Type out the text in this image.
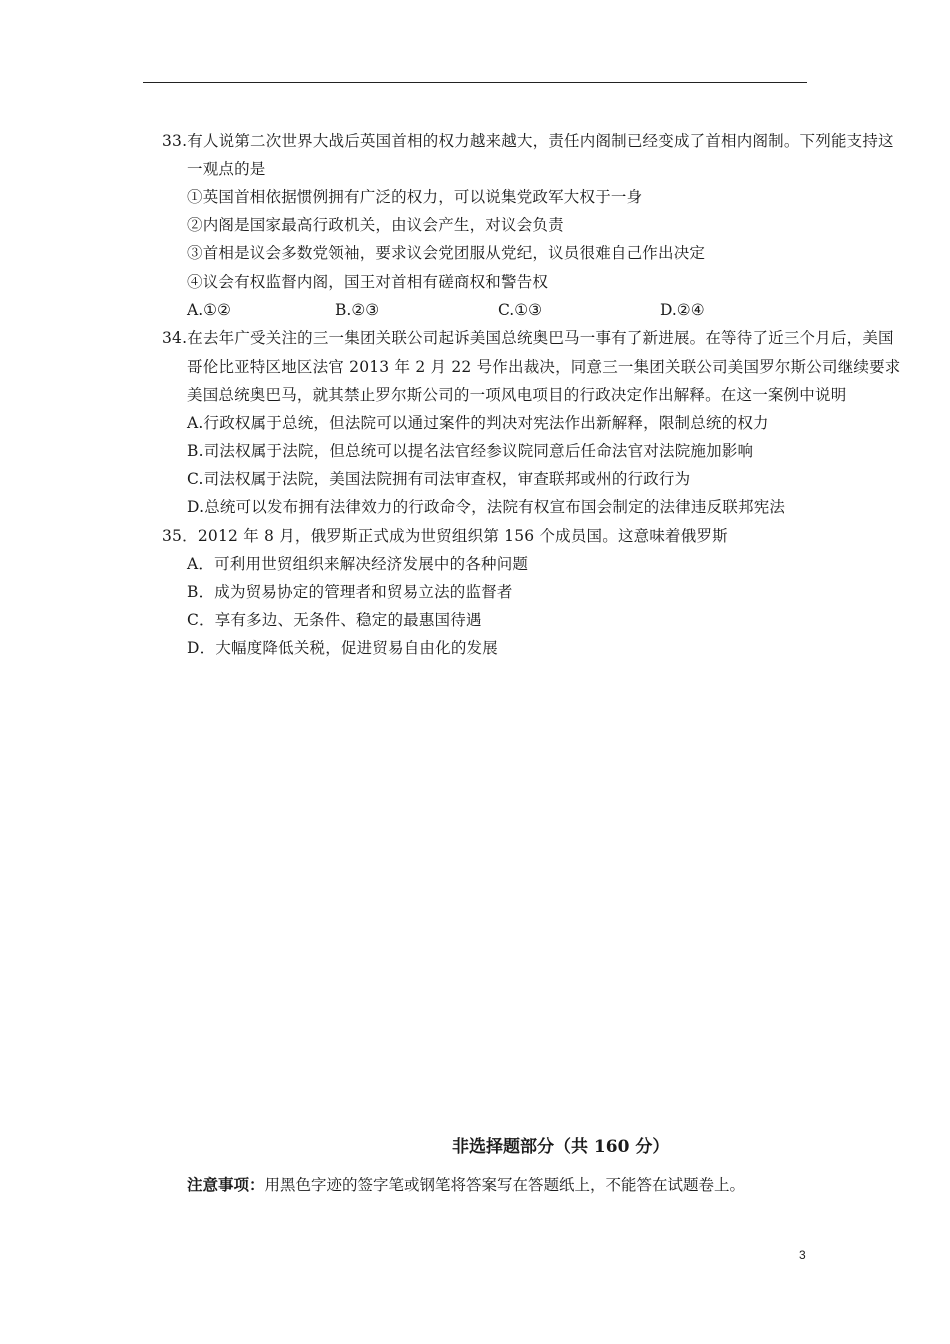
33.有人说第二次世界大战后英国首相的权力越来越大，责任内阁制已经变成了首相内阁制。下列能支持这
一观点的是
①英国首相依据惯例拥有广泛的权力，可以说集党政军大权于一身
②内阁是国家最高行政机关，由议会产生，对议会负责
③首相是议会多数党领袖，要求议会党团服从党纪，议员很难自己作出决定
④议会有权监督内阁，国王对首相有磋商权和警告权
A.①②	B.②③	C.①③	D.②④
34.在去年广受关注的三一集团关联公司起诉美国总统奥巴马一事有了新进展。在等待了近三个月后，美国
哥伦比亚特区地区法官 2013 年 2 月 22 号作出裁决，同意三一集团关联公司美国罗尔斯公司继续要求
美国总统奥巴马，就其禁止罗尔斯公司的一项风电项目的行政决定作出解释。在这一案例中说明
A.行政权属于总统，但法院可以通过案件的判决对宪法作出新解释，限制总统的权力
B.司法权属于法院，但总统可以提名法官经参议院同意后任命法官对法院施加影响
C.司法权属于法院，美国法院拥有司法审查权，审查联邦或州的行政行为
D.总统可以发布拥有法律效力的行政命令，法院有权宣布国会制定的法律违反联邦宪法
35．2012 年 8 月，俄罗斯正式成为世贸组织第 156 个成员国。这意味着俄罗斯
A．可利用世贸组织来解决经济发展中的各种问题
B．成为贸易协定的管理者和贸易立法的监督者
C．享有多边、无条件、稳定的最惠国待遇
D．大幅度降低关税，促进贸易自由化的发展
非选择题部分（共 160 分）
注意事项：用黑色字迹的签字笔或钢笔将答案写在答题纸上，不能答在试题卷上。
3
